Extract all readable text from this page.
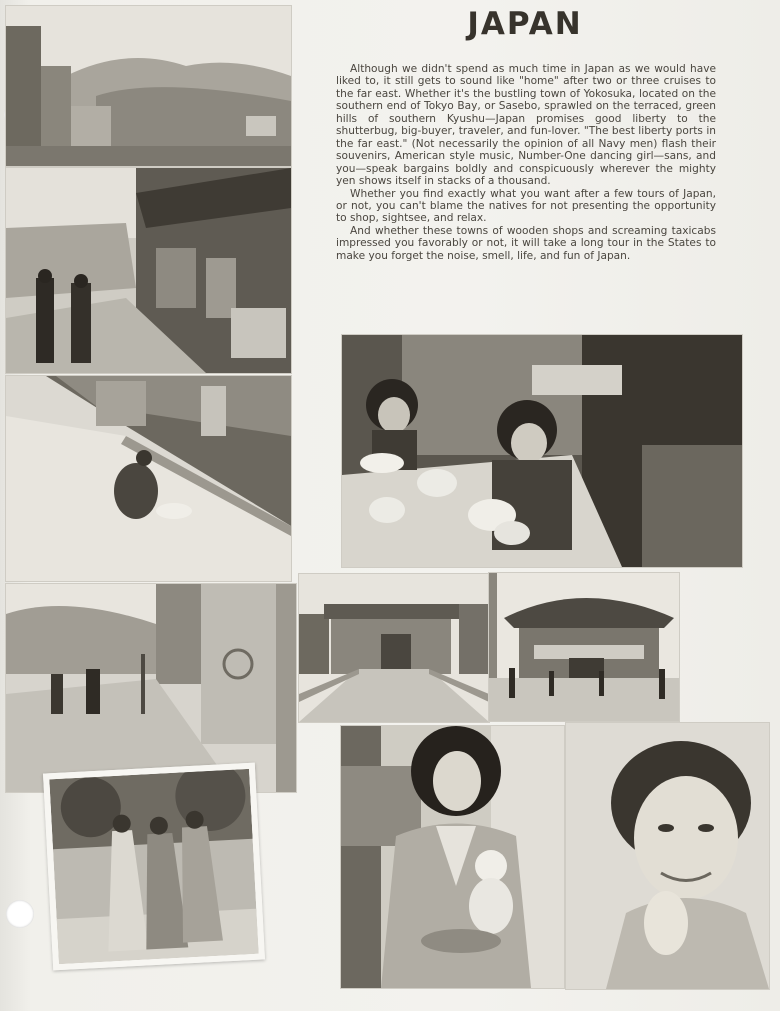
JAPAN

Although we didn't spend as much time in Japan as we would have liked to, it still gets to sound like "home" after two or three cruises to the far east. Whether it's the bustling town of Yokosuka, located on the southern end of Tokyo Bay, or Sasebo, sprawled on the terraced, green hills of southern Kyushu—Japan promises good liberty to the shutterbug, big-buyer, traveler, and fun-lover. "The best liberty ports in the far east." (Not necessarily the opinion of all Navy men) flash their souvenirs, American style music, Number-One dancing girl—sans, and you—speak bargains boldly and conspicuously wherever the mighty yen shows itself in stacks of a thousand.

Whether you find exactly what you want after a few tours of Japan, or not, you can't blame the natives for not presenting the opportunity to shop, sightsee, and relax.

And whether these towns of wooden shops and screaming taxicabs impressed you favorably or not, it will take a long tour in the States to make you forget the noise, smell, life, and fun of Japan.
